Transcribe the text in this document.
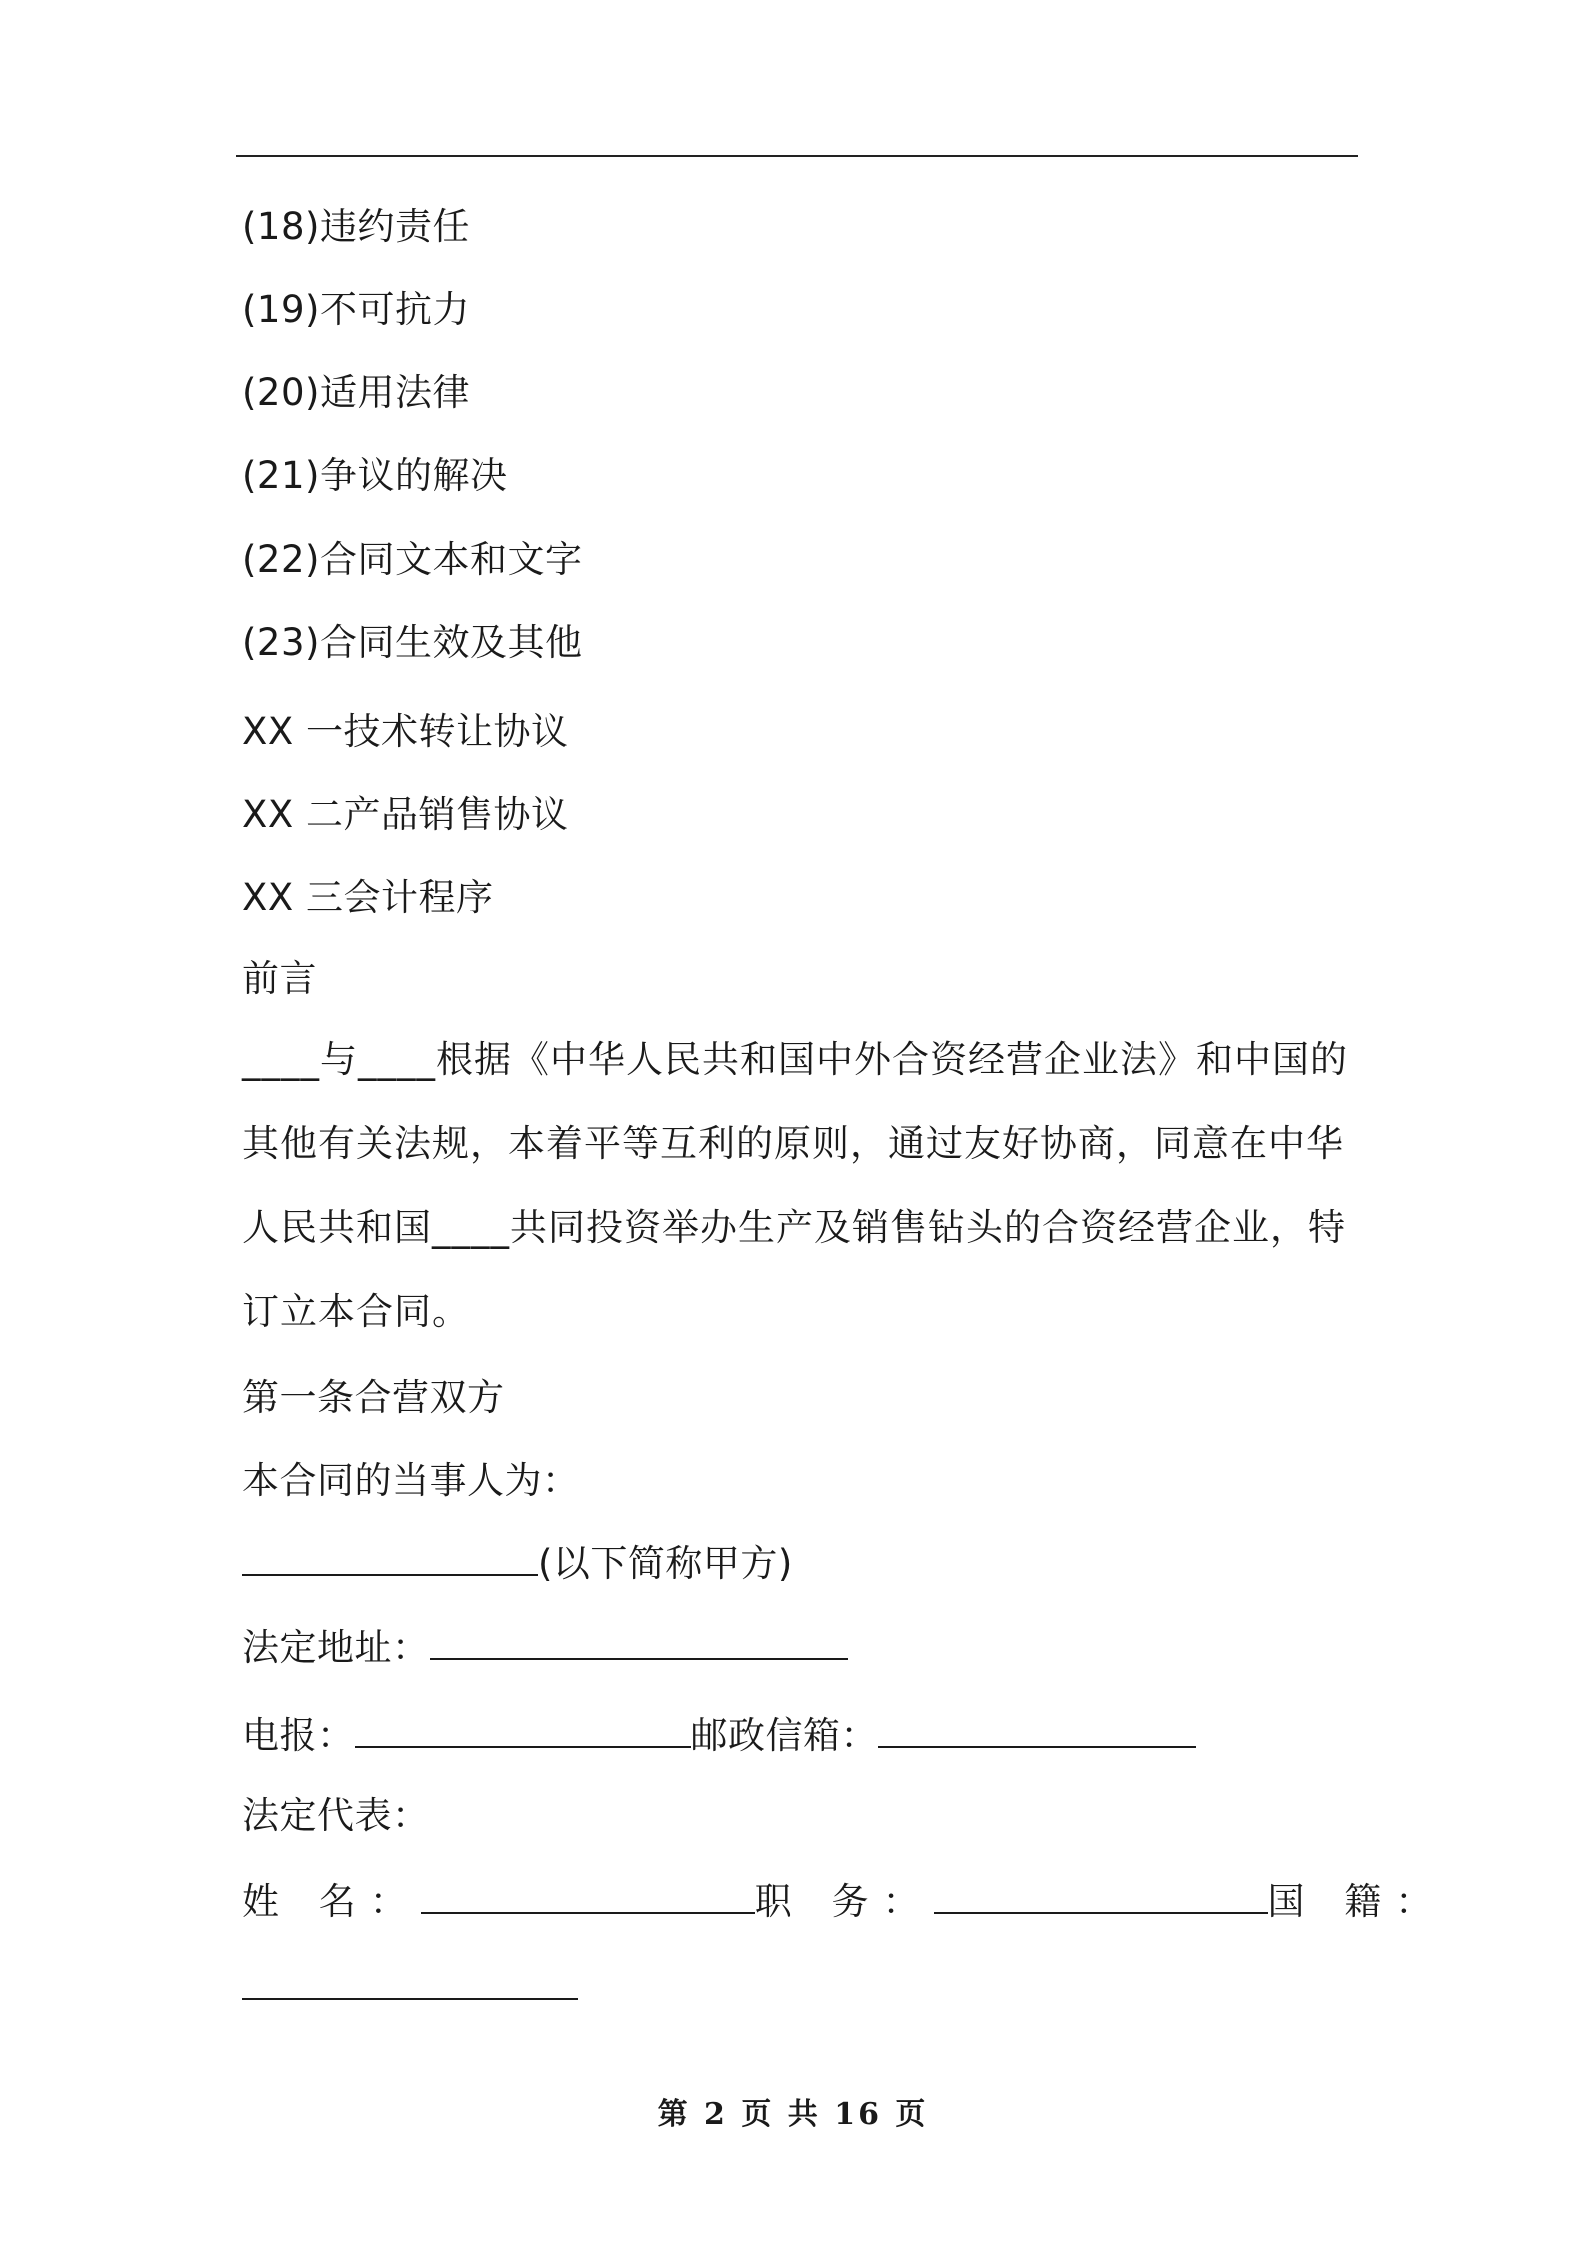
(18)违约责任
(19)不可抗力
(20)适用法律
(21)争议的解决
(22)合同文本和文字
(23)合同生效及其他
XX 一技术转让协议
XX 二产品销售协议
XX 三会计程序
前言
____与____根据《中华人民共和国中外合资经营企业法》和中国的其他有关法规，本着平等互利的原则，通过友好协商，同意在中华人民共和国____共同投资举办生产及销售钻头的合资经营企业，特订立本合同。
第一条合营双方
本合同的当事人为：
(以下简称甲方)
法定地址：
电报：	邮政信箱：
法定代表：
姓 名：	职 务：	国 籍：
第 2 页 共 16 页
